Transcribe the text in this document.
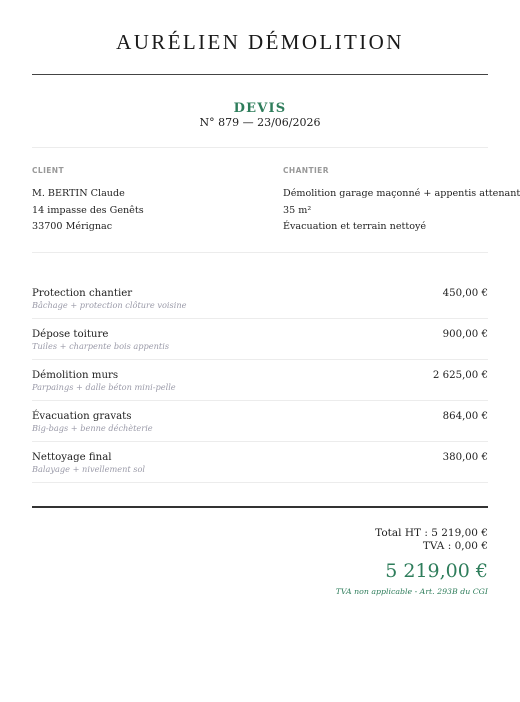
AURÉLIEN DÉMOLITION
DEVIS
N° 879 — 23/06/2026
CLIENT
M. BERTIN Claude
14 impasse des Genêts
33700 Mérignac
CHANTIER
Démolition garage maçonné + appentis attenant
35 m²
Évacuation et terrain nettoyé
Protection chantier
Bâchage + protection clôture voisine
450,00 €
Dépose toiture
Tuiles + charpente bois appentis
900,00 €
Démolition murs
Parpaings + dalle béton mini-pelle
2 625,00 €
Évacuation gravats
Big-bags + benne déchèterie
864,00 €
Nettoyage final
Balayage + nivellement sol
380,00 €
Total HT : 5 219,00 €
TVA : 0,00 €
5 219,00 €
TVA non applicable - Art. 293B du CGI
